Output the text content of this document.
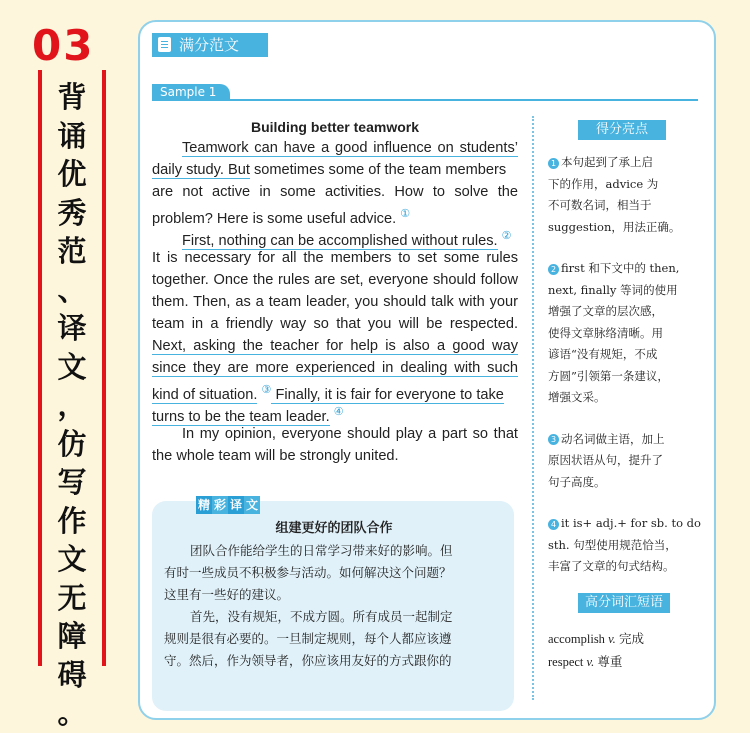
03
背
诵
优
秀
范
、
译
文
，
仿
写
作
文
无
障
碍
。
满分范文
Sample 1
Building better teamwork
Teamwork can have a good influence on students’
daily study. But sometimes some of the team members
are not active in some activities. How to solve the
problem? Here is some useful advice. ①
First, nothing can be accomplished without rules. ②
It is necessary for all the members to set some rules
together. Once the rules are set, everyone should follow
them. Then, as a team leader, you should talk with your
team in a friendly way so that you will be respected.
Next, asking the teacher for help is also a good way
since they are more experienced in dealing with such
kind of situation. ③ Finally, it is fair for everyone to take
turns to be the team leader. ④
In my opinion, everyone should play a part so that
the whole team will be strongly united.
精 彩 译 文
组建更好的团队合作
团队合作能给学生的日常学习带来好的影响。但
有时一些成员不积极参与活动。如何解决这个问题？
这里有一些好的建议。
首先，没有规矩，不成方圆。所有成员一起制定
规则是很有必要的。一旦制定规则，每个人都应该遵
守。然后，作为领导者，你应该用友好的方式跟你的
得分亮点
1 本句起到了承上启
下的作用，advice 为
不可数名词，相当于
suggestion，用法正确。
2 first 和下文中的 then,
next, finally 等词的使用
增强了文章的层次感，
使得文章脉络清晰。用
谚语“没有规矩，不成
方圆”引领第一条建议，
增强文采。
3 动名词做主语，加上
原因状语从句，提升了
句子高度。
4 it is+ adj.+ for sb. to do
sth. 句型使用规范恰当，
丰富了文章的句式结构。
高分词汇短语
accomplish v. 完成
respect v. 尊重
